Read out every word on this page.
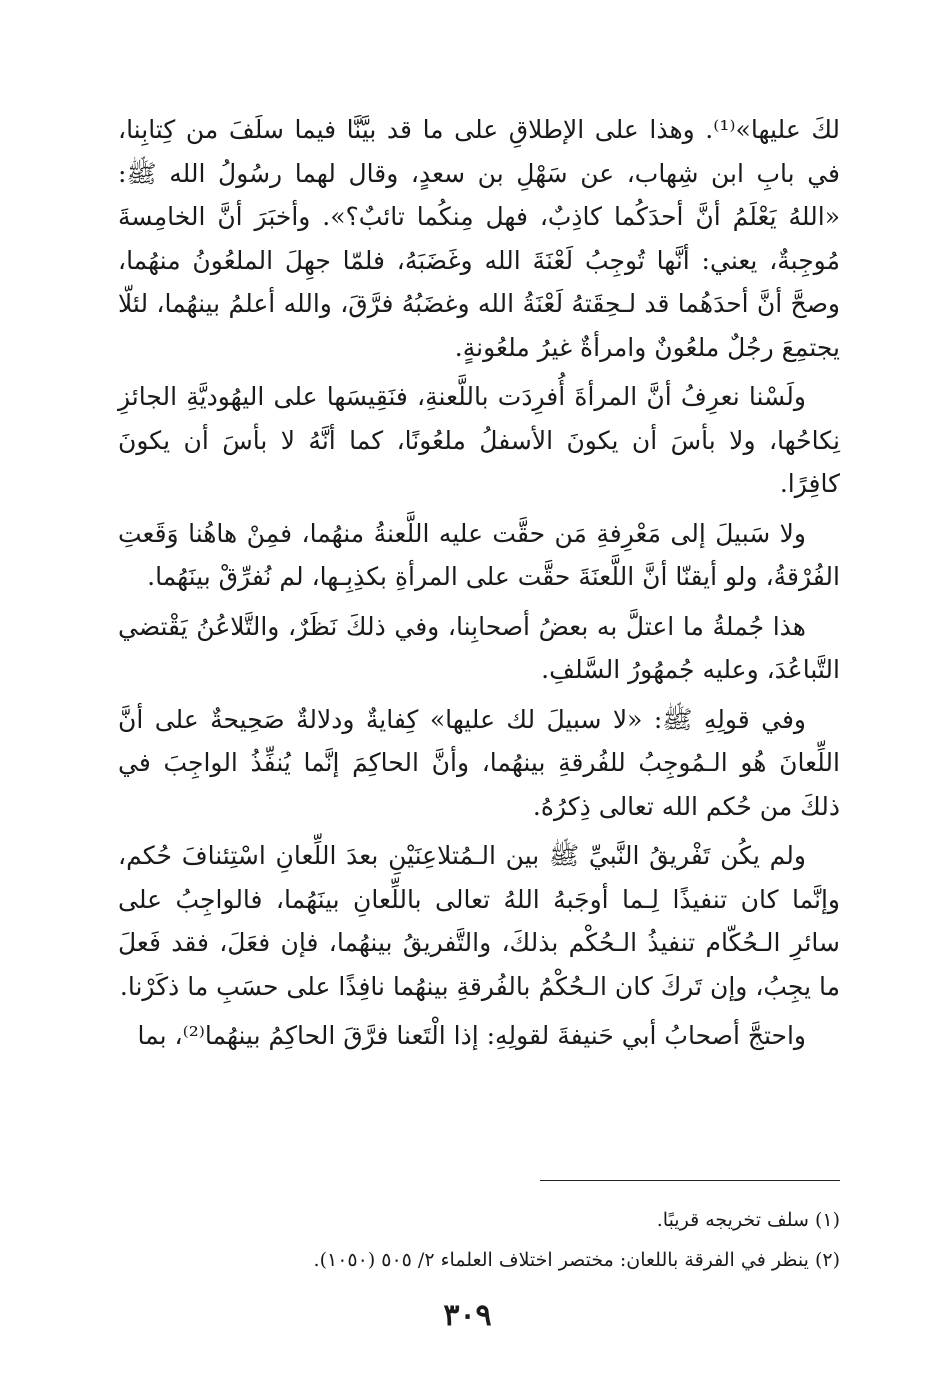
لكَ عليها»⁽¹⁾. وهذا على الإطلاقِ على ما قد بيَّنَّا فيما سلَفَ من كِتابِنا، في بابِ ابن شِهاب، عن سَهْلِ بن سعدٍ، وقال لهما رسُولُ الله ﷺ: «اللهُ يَعْلَمُ أنَّ أحدَكُما كاذِبٌ، فهل مِنكُما تائبٌ؟». وأخبَرَ أنَّ الخامِسةَ مُوجِبةٌ، يعني: أنَّها تُوجِبُ لَعْنَةَ الله وغَضَبَهُ، فلمّا جهِلَ الملعُونُ منهُما، وصحَّ أنَّ أحدَهُما قد لـحِقَتهُ لَعْنَةُ الله وغضَبُهُ فرَّقَ، والله أعلمُ بينهُما، لئلّا يجتمِعَ رجُلٌ ملعُونٌ وامرأةٌ غيرُ ملعُونةٍ.

ولَسْنا نعرِفُ أنَّ المرأةَ أُفرِدَت باللَّعنةِ، فنَقِيسَها على اليهُوديَّةِ الجائزِ نِكاحُها، ولا بأسَ أن يكونَ الأسفلُ ملعُونًا، كما أنَّهُ لا بأسَ أن يكونَ كافِرًا.

ولا سَبيلَ إلى مَعْرِفةِ مَن حقَّت عليه اللَّعنةُ منهُما، فمِنْ هاهُنا وَقَعتِ الفُرْقةُ، ولو أيقنّا أنَّ اللَّعنَةَ حقَّت على المرأةِ بكذِبِـها، لم نُفرِّقْ بينَهُما.

هذا جُملةُ ما اعتلَّ به بعضُ أصحابِنا، وفي ذلكَ نَظَرٌ، والتَّلاعُنُ يَقْتضي التَّباعُدَ، وعليه جُمهُورُ السَّلفِ.

وفي قولِهِ ﷺ: «لا سبيلَ لك عليها» كِفايةٌ ودلالةٌ صَحِيحةٌ على أنَّ اللِّعانَ هُو الـمُوجِبُ للفُرقةِ بينهُما، وأنَّ الحاكِمَ إنَّما يُنفِّذُ الواجِبَ في ذلكَ من حُكم الله تعالى ذِكرُهُ.

ولم يكُن تَفْريقُ النَّبيِّ ﷺ بين الـمُتلاعِنَيْنِ بعدَ اللِّعانِ اسْتِئنافَ حُكم، وإنَّما كان تنفيذًا لِـما أوجَبهُ اللهُ تعالى باللِّعانِ بينَهُما، فالواجِبُ على سائرِ الـحُكّام تنفيذُ الـحُكْم بذلكَ، والتَّفريقُ بينهُما، فإن فعَلَ، فقد فَعلَ ما يجِبُ، وإن تَركَ كان الـحُكْمُ بالفُرقةِ بينهُما نافِذًا على حسَبِ ما ذكَرْنا.

واحتجَّ أصحابُ أبي حَنيفةَ لقولِهِ: إذا الْتَعنا فرَّقَ الحاكِمُ بينهُما⁽²⁾، بما

(١) سلف تخريجه قريبًا.

(٢) ينظر في الفرقة باللعان: مختصر اختلاف العلماء ٢/ ٥٠٥ (١٠٥٠).

٣٠٩
